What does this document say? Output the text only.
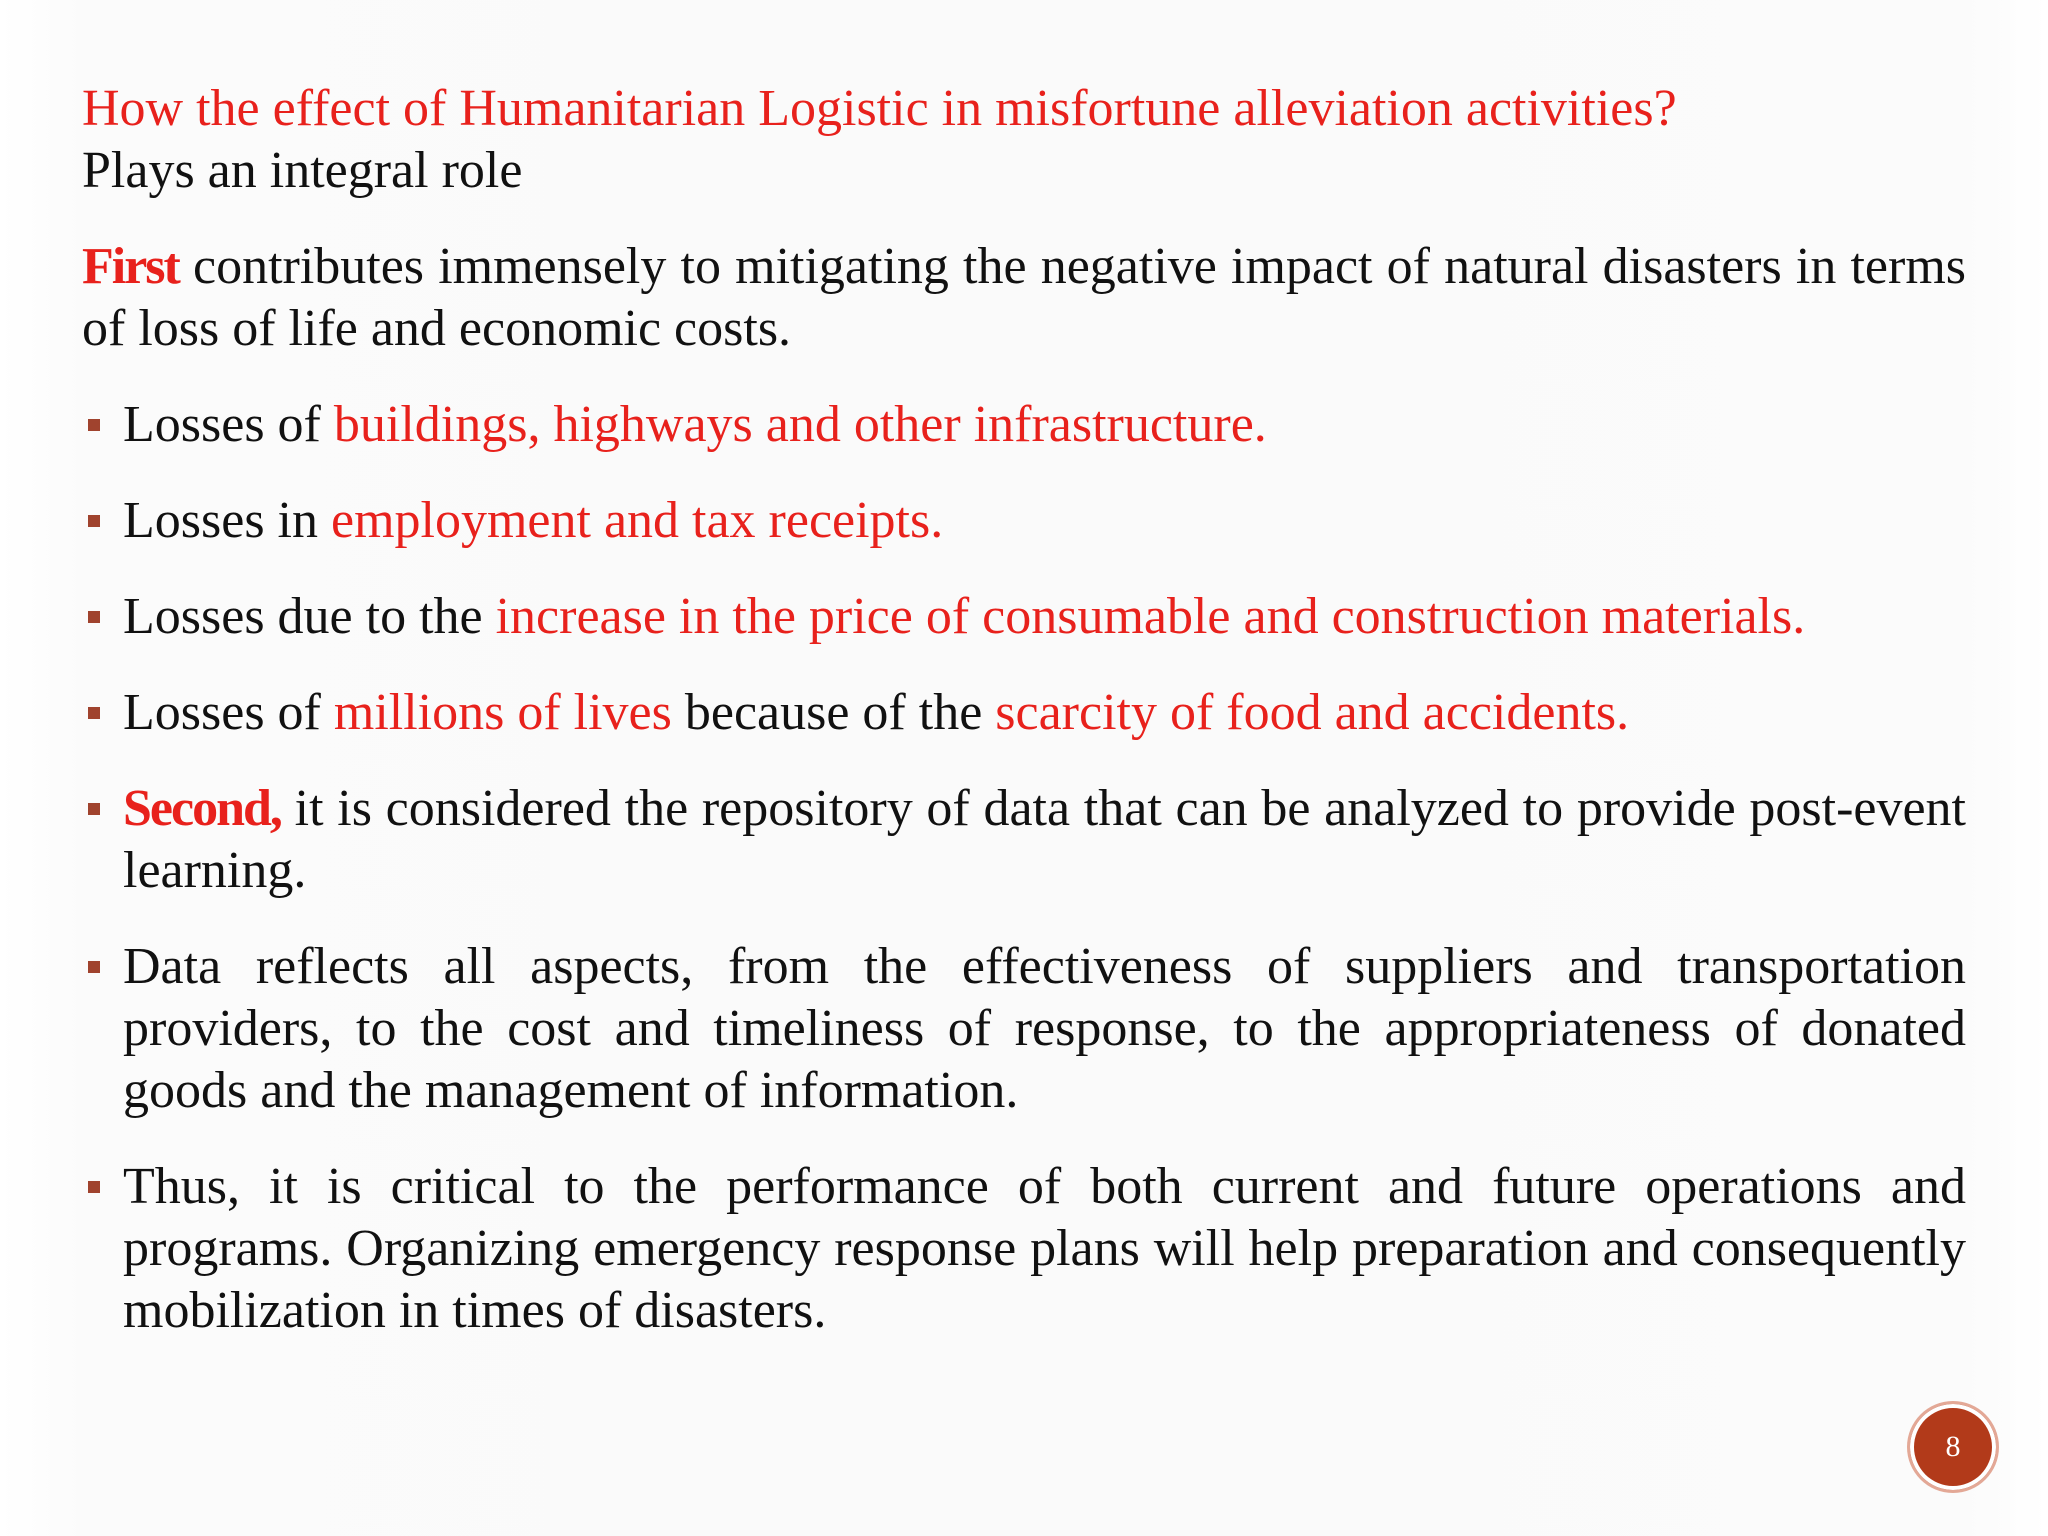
How the effect of Humanitarian Logistic in misfortune alleviation activities?
Plays an integral role

First contributes immensely to mitigating the negative impact of natural disasters in terms of loss of life and economic costs.

Losses of buildings, highways and other infrastructure.
Losses in employment and tax receipts.
Losses due to the increase in the price of consumable and construction materials.
Losses of millions of lives because of the scarcity of food and accidents.
Second, it is considered the repository of data that can be analyzed to provide post-event learning.
Data reflects all aspects, from the effectiveness of suppliers and transportation providers, to the cost and timeliness of response, to the appropriateness of donated goods and the management of information.
Thus, it is critical to the performance of both current and future operations and programs. Organizing emergency response plans will help preparation and consequently mobilization in times of disasters.
8
